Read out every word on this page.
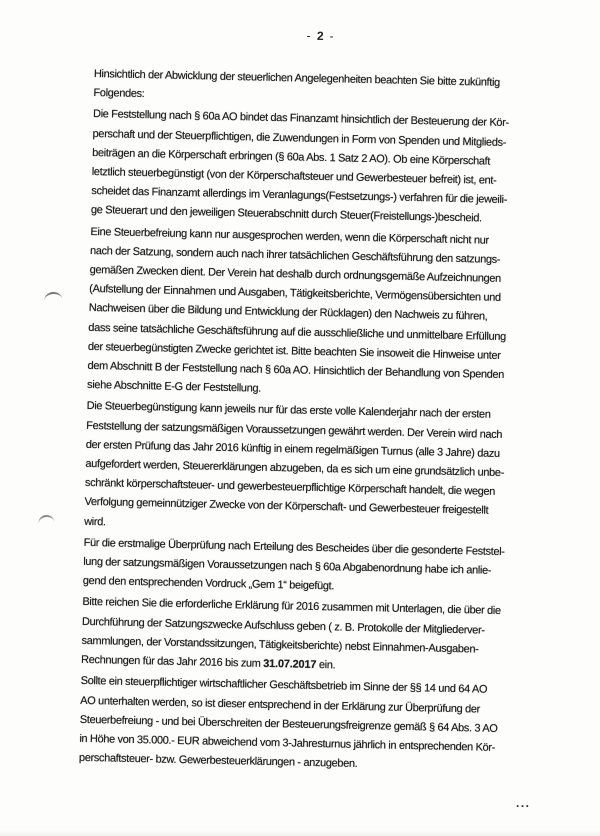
- 2 -
Hinsichtlich der Abwicklung der steuerlichen Angelegenheiten beachten Sie bitte zukünftig
Folgendes:
Die Feststellung nach § 60a AO bindet das Finanzamt hinsichtlich der Besteuerung der Kör-
perschaft und der Steuerpflichtigen, die Zuwendungen in Form von Spenden und Mitglieds-
beiträgen an die Körperschaft erbringen (§ 60a Abs. 1 Satz 2 AO). Ob eine Körperschaft
letztlich steuerbegünstigt (von der Körperschaftsteuer und Gewerbesteuer befreit) ist, ent-
scheidet das Finanzamt allerdings im Veranlagungs(Festsetzungs-) verfahren für die jeweili-
ge Steuerart und den jeweiligen Steuerabschnitt durch Steuer(Freistellungs-)bescheid.
Eine Steuerbefreiung kann nur ausgesprochen werden, wenn die Körperschaft nicht nur
nach der Satzung, sondern auch nach ihrer tatsächlichen Geschäftsführung den satzungs-
gemäßen Zwecken dient. Der Verein hat deshalb durch ordnungsgemäße Aufzeichnungen
(Aufstellung der Einnahmen und Ausgaben, Tätigkeitsberichte, Vermögensübersichten und
Nachweisen über die Bildung und Entwicklung der Rücklagen) den Nachweis zu führen,
dass seine tatsächliche Geschäftsführung auf die ausschließliche und unmittelbare Erfüllung
der steuerbegünstigten Zwecke gerichtet ist. Bitte beachten Sie insoweit die Hinweise unter
dem Abschnitt B der Feststellung nach § 60a AO. Hinsichtlich der Behandlung von Spenden
siehe Abschnitte E-G der Feststellung.
Die Steuerbegünstigung kann jeweils nur für das erste volle Kalenderjahr nach der ersten
Feststellung der satzungsmäßigen Voraussetzungen gewährt werden. Der Verein wird nach
der ersten Prüfung das Jahr 2016 künftig in einem regelmäßigen Turnus (alle 3 Jahre) dazu
aufgefordert werden, Steuererklärungen abzugeben, da es sich um eine grundsätzlich unbe-
schränkt körperschaftsteuer- und gewerbesteuerpflichtige Körperschaft handelt, die wegen
Verfolgung gemeinnütziger Zwecke von der Körperschaft- und Gewerbesteuer freigestellt
wird.
Für die erstmalige Überprüfung nach Erteilung des Bescheides über die gesonderte Feststel-
lung der satzungsmäßigen Voraussetzungen nach § 60a Abgabenordnung habe ich anlie-
gend den entsprechenden Vordruck „Gem 1“ beigefügt.
Bitte reichen Sie die erforderliche Erklärung für 2016 zusammen mit Unterlagen, die über die
Durchführung der Satzungszwecke Aufschluss geben ( z. B. Protokolle der Mitgliederver-
sammlungen, der Vorstandssitzungen, Tätigkeitsberichte) nebst Einnahmen-Ausgaben-
Rechnungen für das Jahr 2016 bis zum 31.07.2017 ein.
Sollte ein steuerpflichtiger wirtschaftlicher Geschäftsbetrieb im Sinne der §§ 14 und 64 AO
AO unterhalten werden, so ist dieser entsprechend in der Erklärung zur Überprüfung der
Steuerbefreiung - und bei Überschreiten der Besteuerungsfreigrenze gemäß § 64 Abs. 3 AO
in Höhe von 35.000.- EUR abweichend vom 3-Jahresturnus jährlich in entsprechenden Kör-
perschaftsteuer- bzw. Gewerbesteuerklärungen - anzugeben.
...
